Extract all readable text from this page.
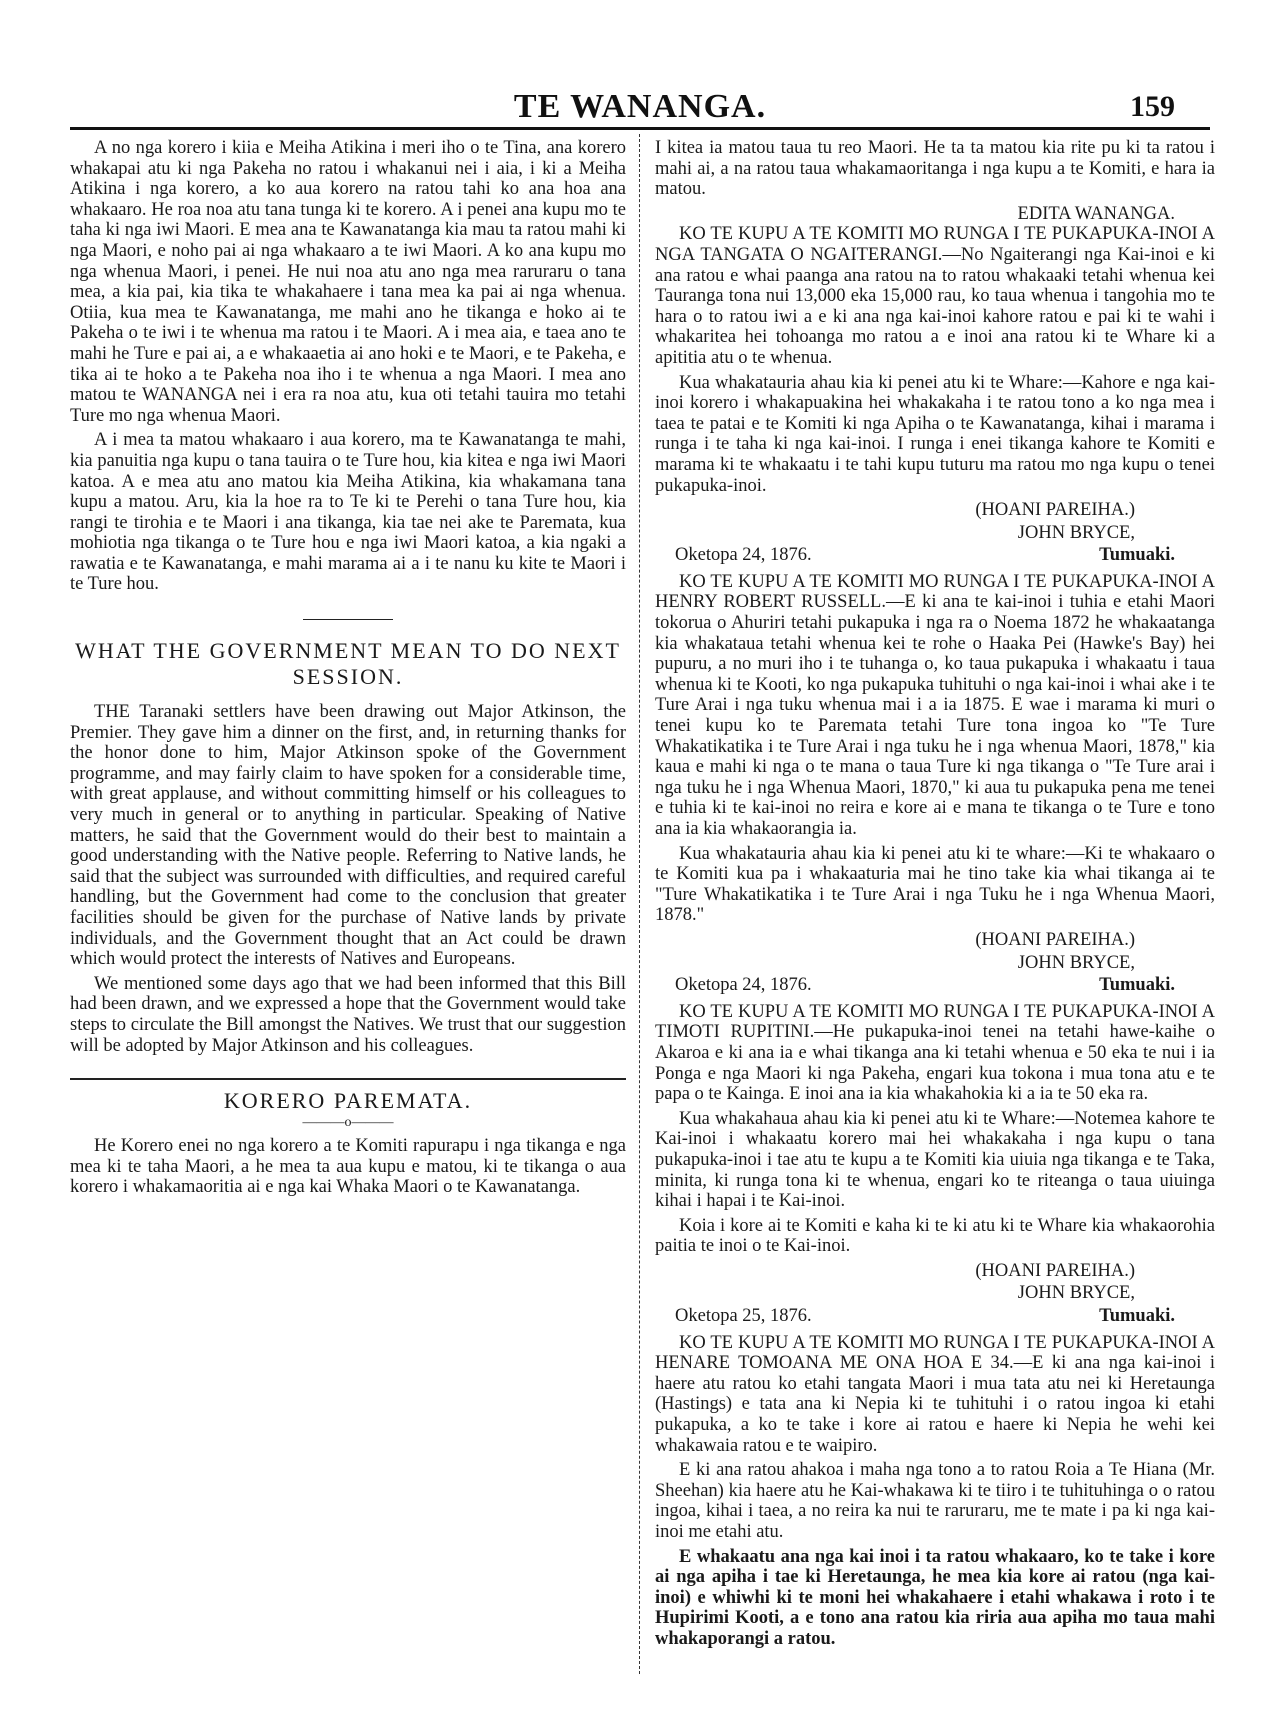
TE WANANGA.	159

A no nga korero i kiia e Meiha Atikina i meri iho o te Tina, ana korero whakapai atu ki nga Pakeha no ratou i whakanui nei i aia, i ki a Meiha Atikina i nga korero, a ko aua korero na ratou tahi ko ana hoa ana whakaaro. He roa noa atu tana tunga ki te korero. A i penei ana kupu mo te taha ki nga iwi Maori. E mea ana te Kawanatanga kia mau ta ratou mahi ki nga Maori, e noho pai ai nga whakaaro a te iwi Maori. A ko ana kupu mo nga whenua Maori, i penei. He nui noa atu ano nga mea raruraru o tana mea, a kia pai, kia tika te whakahaere i tana mea ka pai ai nga whenua. Otiia, kua mea te Kawanatanga, me mahi ano he tikanga e hoko ai te Pakeha o te iwi i te whenua ma ratou i te Maori. A i mea aia, e taea ano te mahi he Ture e pai ai, a e whakaaetia ai ano hoki e te Maori, e te Pakeha, e tika ai te hoko a te Pakeha noa iho i te whenua a nga Maori. I mea ano matou te WANANGA nei i era ra noa atu, kua oti tetahi tauira mo tetahi Ture mo nga whenua Maori.

A i mea ta matou whakaaro i aua korero, ma te Kawanatanga te mahi, kia panuitia nga kupu o tana tauira o te Ture hou, kia kitea e nga iwi Maori katoa. A e mea atu ano matou kia Meiha Atikina, kia whakamana tana kupu a matou. Aru, kia la hoe ra to Te ki te Perehi o tana Ture hou, kia rangi te tirohia e te Maori i ana tikanga, kia tae nei ake te Paremata, kua mohiotia nga tikanga o te Ture hou e nga iwi Maori katoa, a kia ngaki a rawatia e te Kawanatanga, e mahi marama ai a i te nanu ku kite te Maori i te Ture hou.

WHAT THE GOVERNMENT MEAN TO DO NEXT SESSION.

THE Taranaki settlers have been drawing out Major Atkinson, the Premier. They gave him a dinner on the first, and, in returning thanks for the honor done to him, Major Atkinson spoke of the Government programme, and may fairly claim to have spoken for a considerable time, with great applause, and without committing himself or his colleagues to very much in general or to anything in particular. Speaking of Native matters, he said that the Government would do their best to maintain a good understanding with the Native people. Referring to Native lands, he said that the subject was surrounded with difficulties, and required careful handling, but the Government had come to the conclusion that greater facilities should be given for the purchase of Native lands by private individuals, and the Government thought that an Act could be drawn which would protect the interests of Natives and Europeans.

We mentioned some days ago that we had been informed that this Bill had been drawn, and we expressed a hope that the Government would take steps to circulate the Bill amongst the Natives. We trust that our suggestion will be adopted by Major Atkinson and his colleagues.

KORERO PAREMATA.
———o———

He Korero enei no nga korero a te Komiti rapurapu i nga tikanga e nga mea ki te taha Maori, a he mea ta aua kupu e matou, ki te tikanga o aua korero i whakamaoritia ai e nga kai Whaka Maori o te Kawanatanga.

I kitea ia matou taua tu reo Maori. He ta ta matou kia rite pu ki ta ratou i mahi ai, a na ratou taua whakamaoritanga i nga kupu a te Komiti, e hara ia matou.

EDITA WANANGA.

KO TE KUPU A TE KOMITI MO RUNGA I TE PUKAPUKA-INOI A NGA TANGATA O NGAITERANGI.—No Ngaiterangi nga Kai-inoi e ki ana ratou e whai paanga ana ratou na to ratou whakaaki tetahi whenua kei Tauranga tona nui 13,000 eka 15,000 rau, ko taua whenua i tangohia mo te hara o to ratou iwi a e ki ana nga kai-inoi kahore ratou e pai ki te wahi i whakaritea hei tohoanga mo ratou a e inoi ana ratou ki te Whare ki a apititia atu o te whenua.

Kua whakatauria ahau kia ki penei atu ki te Whare:—Kahore e nga kai-inoi korero i whakapuakina hei whakakaha i te ratou tono a ko nga mea i taea te patai e te Komiti ki nga Apiha o te Kawanatanga, kihai i marama i runga i te taha ki nga kai-inoi. I runga i enei tikanga kahore te Komiti e marama ki te whakaatu i te tahi kupu tuturu ma ratou mo nga kupu o tenei pukapuka-inoi.

(HOANI PAREIHA.)

JOHN BRYCE,

Oketopa 24, 1876.	Tumuaki.

KO TE KUPU A TE KOMITI MO RUNGA I TE PUKAPUKA-INOI A HENRY ROBERT RUSSELL.—E ki ana te kai-inoi i tuhia e etahi Maori tokorua o Ahuriri tetahi pukapuka i nga ra o Noema 1872 he whakaatanga kia whakataua tetahi whenua kei te rohe o Haaka Pei (Hawke's Bay) hei pupuru, a no muri iho i te tuhanga o, ko taua pukapuka i whakaatu i taua whenua ki te Kooti, ko nga pukapuka tuhituhi o nga kai-inoi i whai ake i te Ture Arai i nga tuku whenua mai i a ia 1875. E wae i marama ki muri o tenei kupu ko te Paremata tetahi Ture tona ingoa ko "Te Ture Whakatikatika i te Ture Arai i nga tuku he i nga whenua Maori, 1878," kia kaua e mahi ki nga o te mana o taua Ture ki nga tikanga o "Te Ture arai i nga tuku he i nga Whenua Maori, 1870," ki aua tu pukapuka pena me tenei e tuhia ki te kai-inoi no reira e kore ai e mana te tikanga o te Ture e tono ana ia kia whakaorangia ia.

Kua whakatauria ahau kia ki penei atu ki te whare:—Ki te whakaaro o te Komiti kua pa i whakaaturia mai he tino take kia whai tikanga ai te "Ture Whakatikatika i te Ture Arai i nga Tuku he i nga Whenua Maori, 1878."

(HOANI PAREIHA.)

JOHN BRYCE,

Oketopa 24, 1876.	Tumuaki.

KO TE KUPU A TE KOMITI MO RUNGA I TE PUKAPUKA-INOI A TIMOTI RUPITINI.—He pukapuka-inoi tenei na tetahi hawe-kaihe o Akaroa e ki ana ia e whai tikanga ana ki tetahi whenua e 50 eka te nui i ia Ponga e nga Maori ki nga Pakeha, engari kua tokona i mua tona atu e te papa o te Kainga. E inoi ana ia kia whakahokia ki a ia te 50 eka ra.

Kua whakahaua ahau kia ki penei atu ki te Whare:—Notemea kahore te Kai-inoi i whakaatu korero mai hei whakakaha i nga kupu o tana pukapuka-inoi i tae atu te kupu a te Komiti kia uiuia nga tikanga e te Taka, minita, ki runga tona ki te whenua, engari ko te riteanga o taua uiuinga kihai i hapai i te Kai-inoi.

Koia i kore ai te Komiti e kaha ki te ki atu ki te Whare kia whakaorohia paitia te inoi o te Kai-inoi.

(HOANI PAREIHA.)

JOHN BRYCE,

Oketopa 25, 1876.	Tumuaki.

KO TE KUPU A TE KOMITI MO RUNGA I TE PUKAPUKA-INOI A HENARE TOMOANA ME ONA HOA E 34.—E ki ana nga kai-inoi i haere atu ratou ko etahi tangata Maori i mua tata atu nei ki Heretaunga (Hastings) e tata ana ki Nepia ki te tuhituhi i o ratou ingoa ki etahi pukapuka, a ko te take i kore ai ratou e haere ki Nepia he wehi kei whakawaia ratou e te waipiro.

E ki ana ratou ahakoa i maha nga tono a to ratou Roia a Te Hiana (Mr. Sheehan) kia haere atu he Kai-whakawa ki te tiiro i te tuhituhinga o o ratou ingoa, kihai i taea, a no reira ka nui te raruraru, me te mate i pa ki nga kai-inoi me etahi atu.

E whakaatu ana nga kai inoi i ta ratou whakaaro, ko te take i kore ai nga apiha i tae ki Heretaunga, he mea kia kore ai ratou (nga kai-inoi) e whiwhi ki te moni hei whakahaere i etahi whakawa i roto i te Hupirimi Kooti, a e tono ana ratou kia riria aua apiha mo taua mahi whakaporangi a ratou.
